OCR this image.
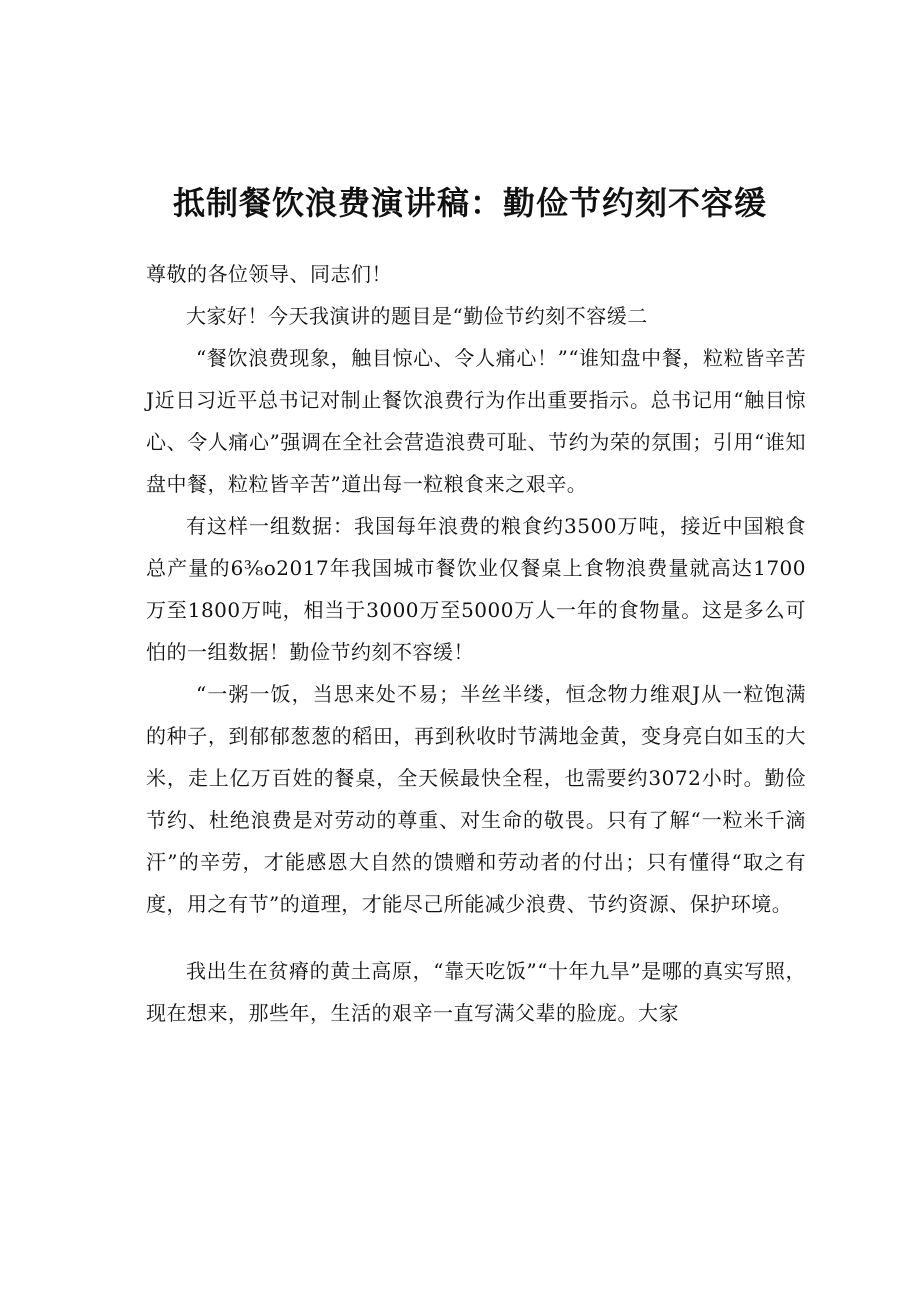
抵制餐饮浪费演讲稿：勤俭节约刻不容缓

尊敬的各位领导、同志们！

大家好！今天我演讲的题目是“勤俭节约刻不容缓二

“餐饮浪费现象，触目惊心、令人痛心！”“谁知盘中餐，粒粒皆辛苦J近日习近平总书记对制止餐饮浪费行为作出重要指示。总书记用“触目惊心、令人痛心”强调在全社会营造浪费可耻、节约为荣的氛围；引用“谁知盘中餐，粒粒皆辛苦”道出每一粒粮食来之艰辛。

有这样一组数据：我国每年浪费的粮食约3500万吨，接近中国粮食总产量的6⅜o2017年我国城市餐饮业仅餐桌上食物浪费量就高达1700万至1800万吨，相当于3000万至5000万人一年的食物量。这是多么可怕的一组数据！勤俭节约刻不容缓！

“一粥一饭，当思来处不易；半丝半缕，恒念物力维艰J从一粒饱满的种子，到郁郁葱葱的稻田，再到秋收时节满地金黄，变身亮白如玉的大米，走上亿万百姓的餐桌，全天候最快全程，也需要约3072小时。勤俭节约、杜绝浪费是对劳动的尊重、对生命的敬畏。只有了解“一粒米千滴汗”的辛劳，才能感恩大自然的馈赠和劳动者的付出；只有懂得“取之有度，用之有节”的道理，才能尽己所能减少浪费、节约资源、保护环境。

我出生在贫瘠的黄土高原，“靠天吃饭”“十年九旱”是哪的真实写照，现在想来，那些年，生活的艰辛一直写满父辈的脸庞。大家
